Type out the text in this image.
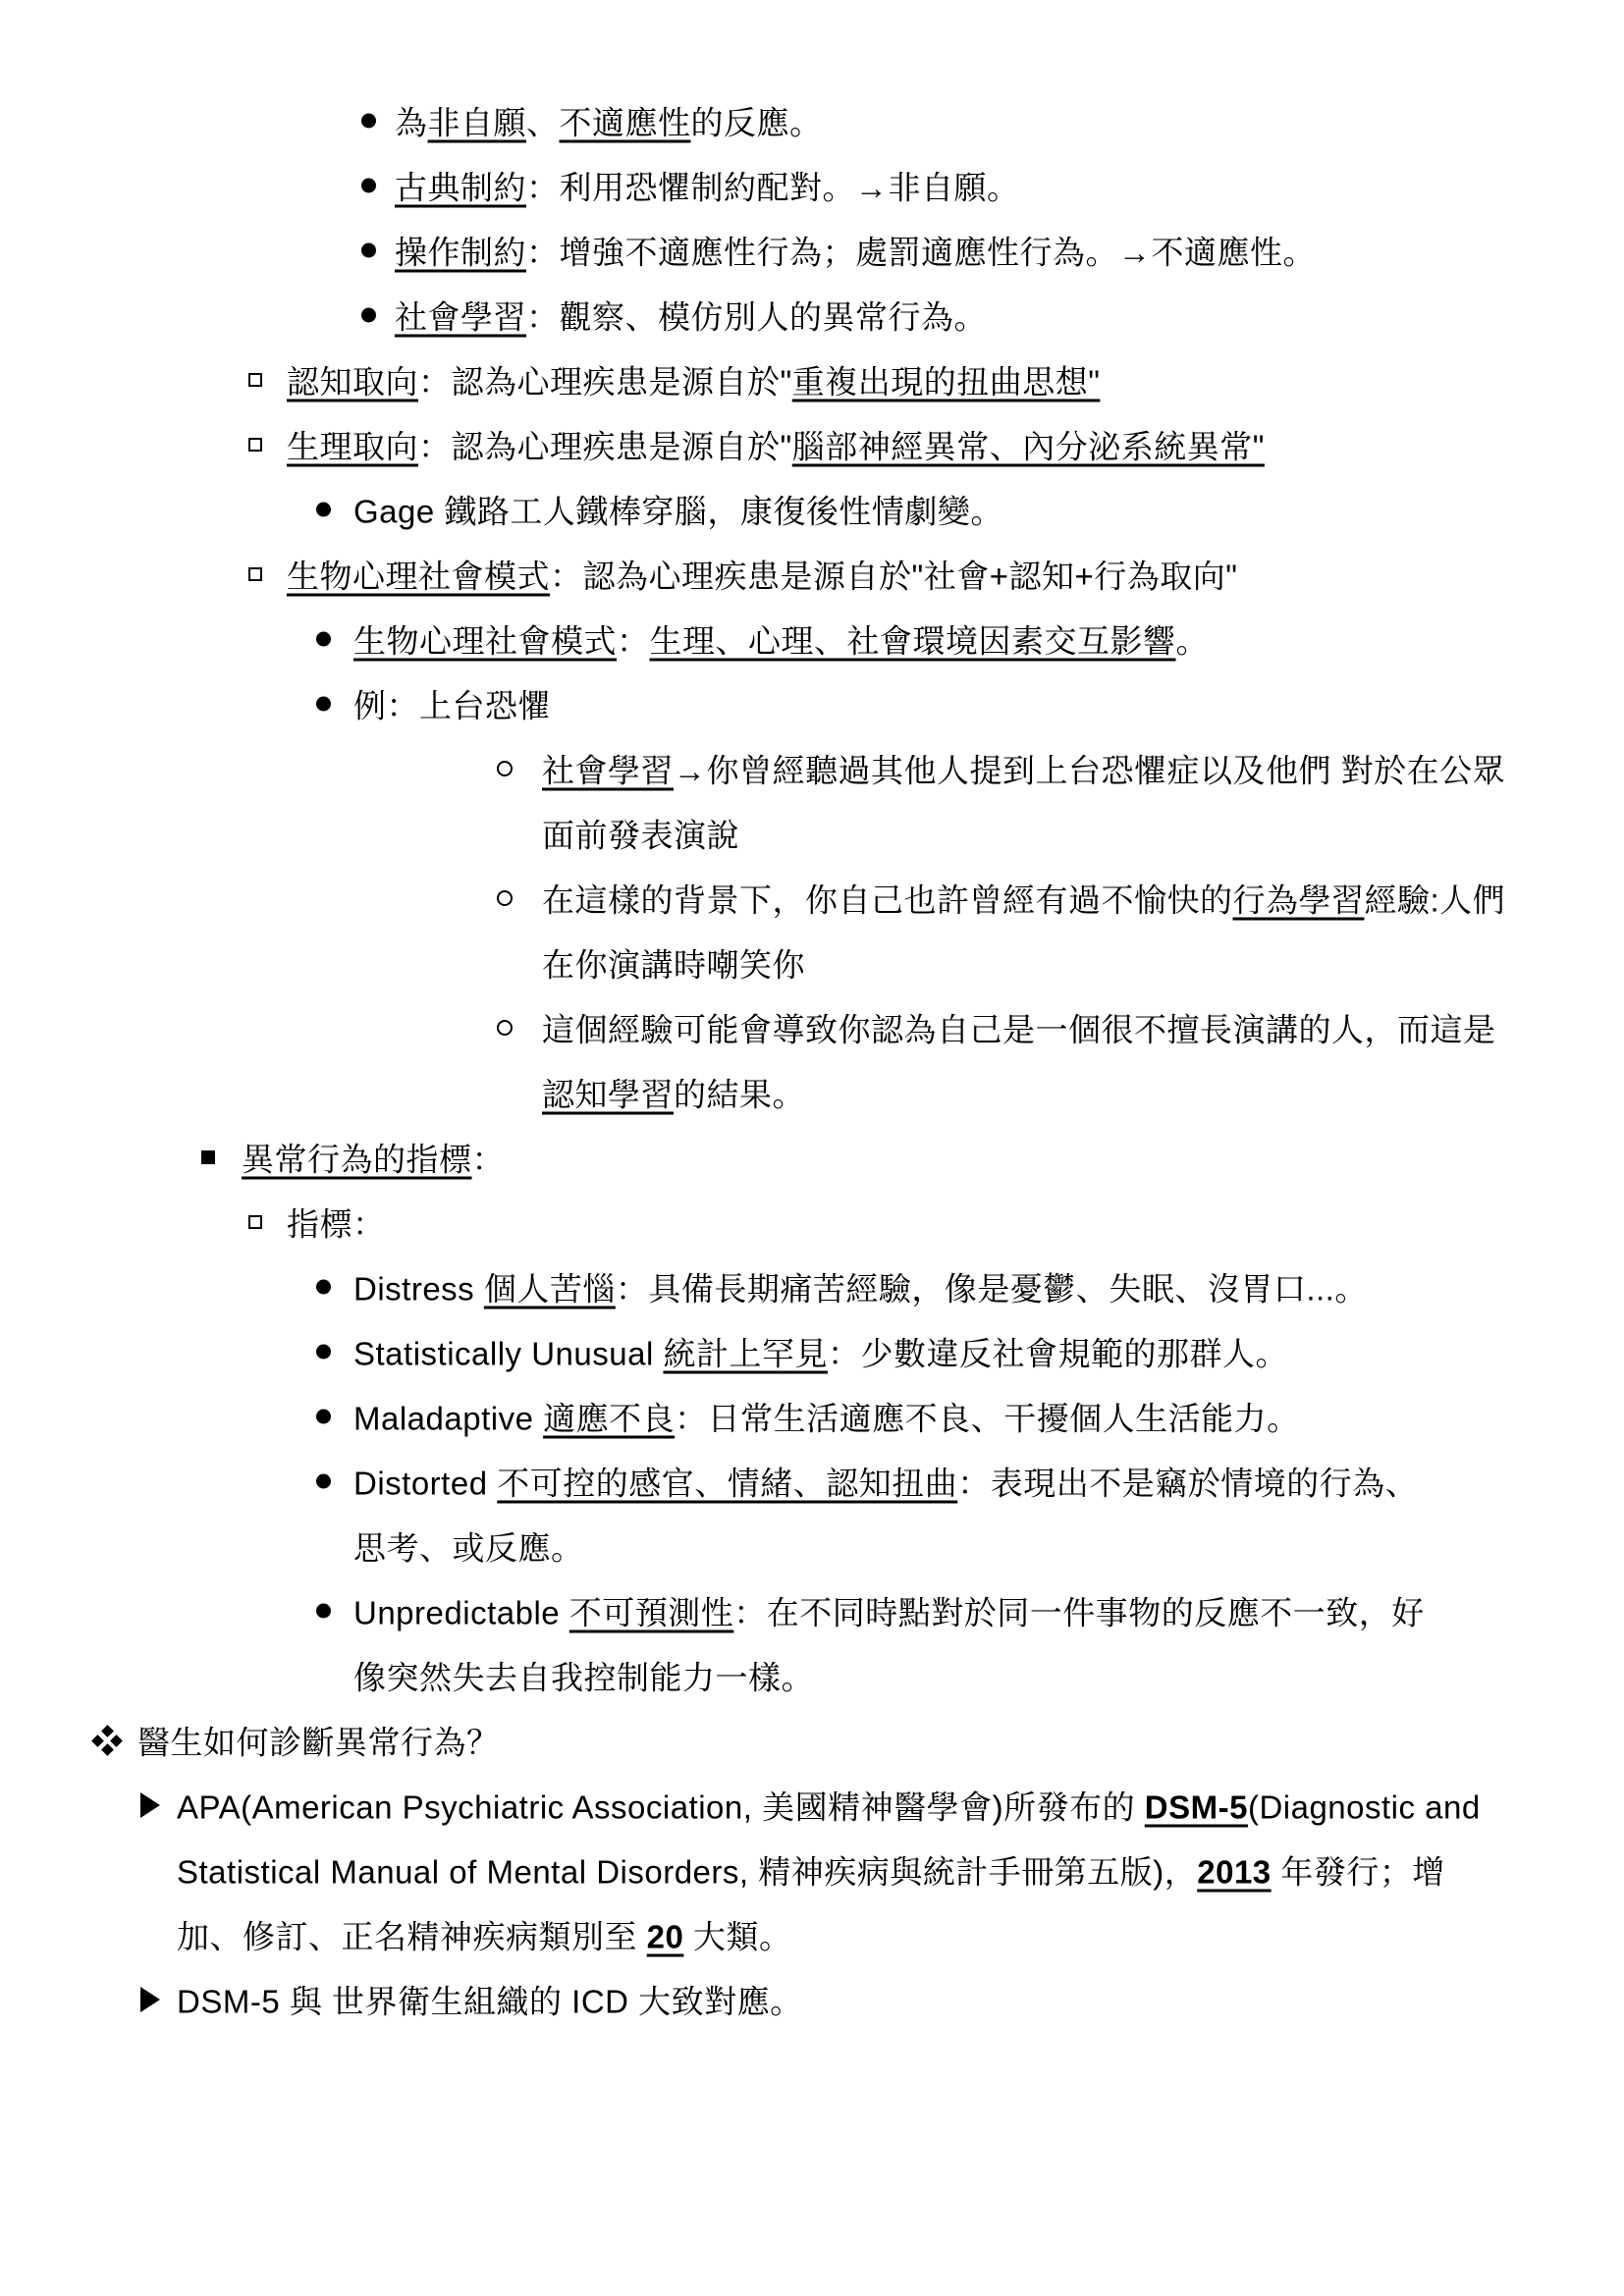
為非自願、不適應性的反應。
古典制約：利用恐懼制約配對。→非自願。
操作制約：增強不適應性行為；處罰適應性行為。→不適應性。
社會學習：觀察、模仿別人的異常行為。
認知取向：認為心理疾患是源自於"重複出現的扭曲思想"
生理取向：認為心理疾患是源自於"腦部神經異常、內分泌系統異常"
Gage 鐵路工人鐵棒穿腦，康復後性情劇變。
生物心理社會模式：認為心理疾患是源自於"社會+認知+行為取向"
生物心理社會模式：生理、心理、社會環境因素交互影響。
例：上台恐懼
社會學習→你曾經聽過其他人提到上台恐懼症以及他們 對於在公眾
面前發表演說
在這樣的背景下，你自己也許曾經有過不愉快的行為學習經驗:人們
在你演講時嘲笑你
這個經驗可能會導致你認為自己是一個很不擅長演講的人，而這是
認知學習的結果。
異常行為的指標：
指標：
Distress 個人苦惱：具備長期痛苦經驗，像是憂鬱、失眠、沒胃口...。
Statistically Unusual 統計上罕見：少數違反社會規範的那群人。
Maladaptive 適應不良：日常生活適應不良、干擾個人生活能力。
Distorted 不可控的感官、情緒、認知扭曲：表現出不是竊於情境的行為、
思考、或反應。
Unpredictable 不可預測性：在不同時點對於同一件事物的反應不一致，好
像突然失去自我控制能力一樣。
醫生如何診斷異常行為？
APA(American Psychiatric Association, 美國精神醫學會)所發布的 DSM-5(Diagnostic and
Statistical Manual of Mental Disorders, 精神疾病與統計手冊第五版)，2013 年發行；增
加、修訂、正名精神疾病類別至 20 大類。
DSM-5 與 世界衛生組織的 ICD 大致對應。
